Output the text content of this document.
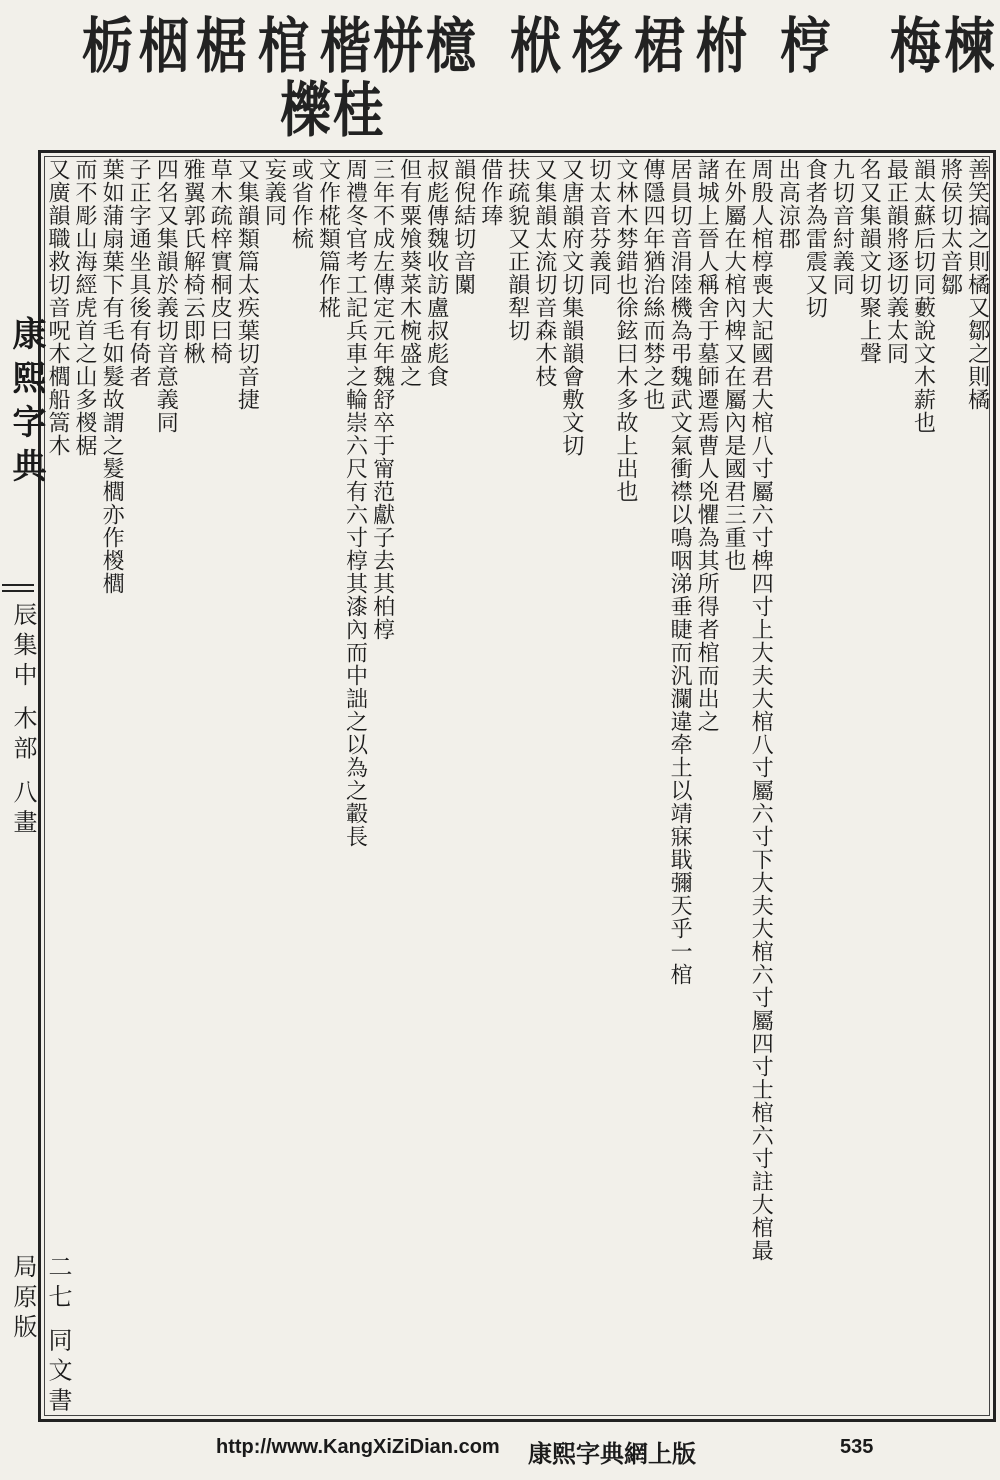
栃 栶 椐 棺 楷栟檍
櫟桂
栿 栘 桾 柎 梈 梅 楝
康熙字典
辰集中 木部 八畫
二七 同文書局原版
善笑搞之則橘又鄒之則橘
將侯切太音鄒
韻太蘇后切同藪說文木薪也
最正韻將逐切義太同
名又集韻文切聚上聲
九切音紂義同
食者為雷震又切
出高涼郡
周殷人棺椁喪大記國君大棺八寸屬六寸椑四寸上大夫大棺八寸屬六寸下大夫大棺六寸屬四寸士棺六寸註大棺最
在外屬在大棺內椑又在屬內是國君三重也
諸城上晉人稱舍于墓師遷焉曹人兇懼為其所得者棺而出之
居員切音涓陸機為弔魏武文氣衝襟以鳴咽涕垂睫而汎瀾違牵土以靖寐戢彌天乎一棺
傳隱四年猶治絲而棼之也
文林木棼錯也徐鉉曰木多故上出也
切太音芬義同
又唐韻府文切集韻韻會敷文切
又集韻太流切音森木枝
扶疏貌又正韻犁切
借作琫
韻倪結切音闑
叔彪傳魏收訪盧叔彪食
但有粟飧葵菜木椀盛之
三年不成左傳定元年魏舒卒于甯范獻子去其柏椁
周禮冬官考工記兵車之輪崇六尺有六寸椁其漆內而中詘之以為之轂長
文作椛類篇作椛
或省作梳
妄義同
又集韻類篇太疾葉切音捷
草木疏梓實桐皮曰椅
雅翼郭氏解椅云即楸
四名又集韻於義切音意義同
子正字通坐具後有倚者
葉如蒲扇葉下有毛如髮故謂之髮櫚亦作椶櫚
而不彫山海經虎首之山多椶椐
又廣韻職救切音呪木櫚船篙木
http://www.KangXiZiDian.com 康熙字典網上版	535
